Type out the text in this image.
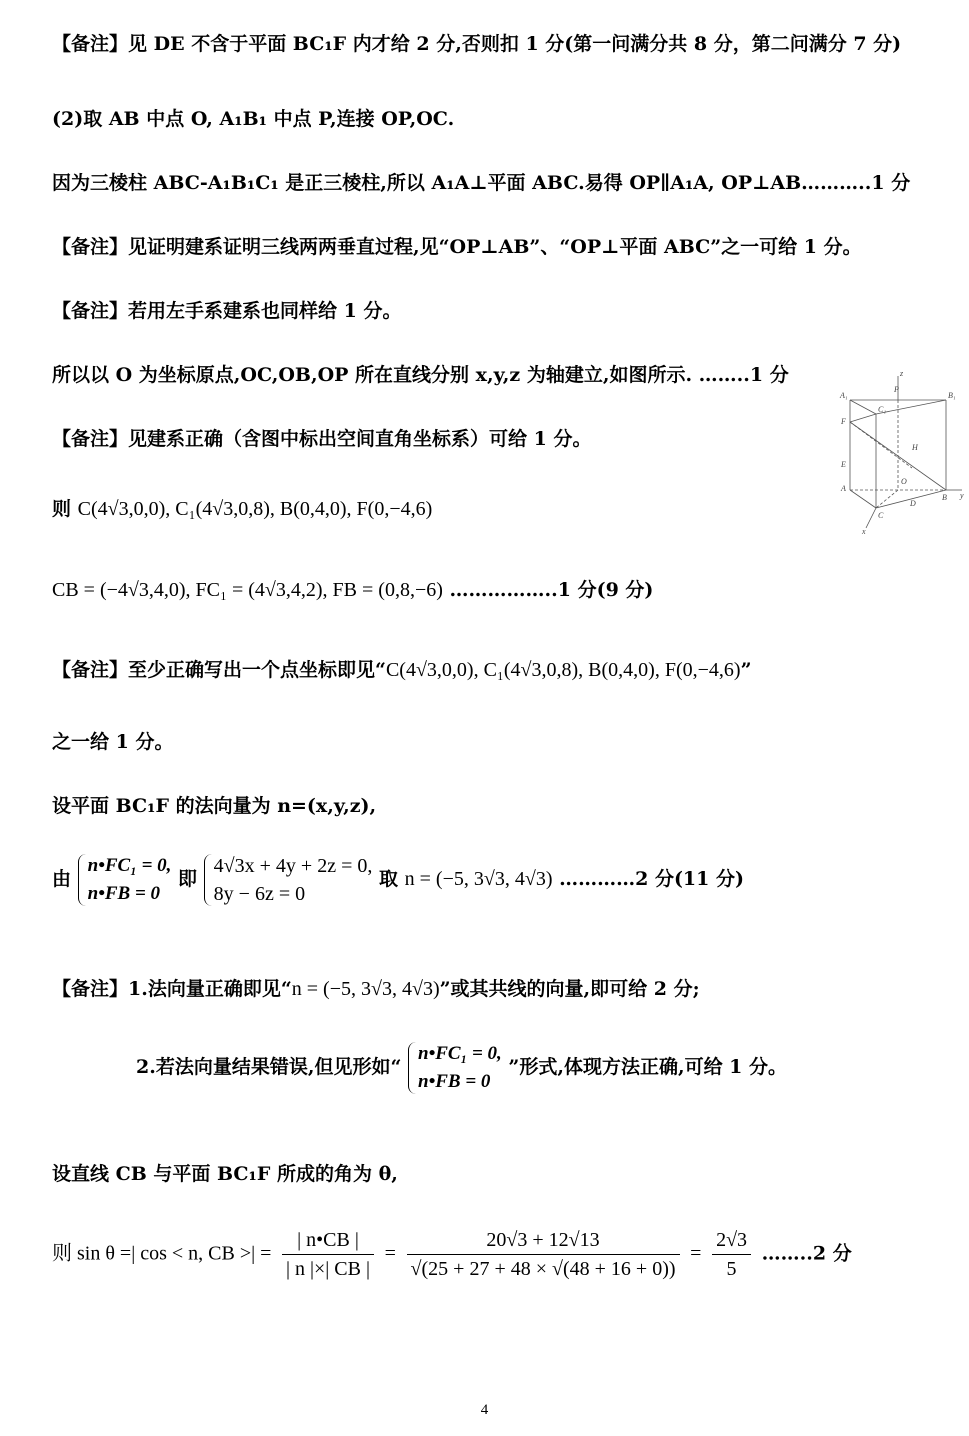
【备注】见 DE 不含于平面 BC₁F 内才给 2 分,否则扣 1 分(第一问满分共 8 分，第二问满分 7 分)
(2)取 AB 中点 O, A₁B₁ 中点 P,连接 OP,OC.
因为三棱柱 ABC-A₁B₁C₁ 是正三棱柱,所以 A₁A⊥平面 ABC.易得 OP∥A₁A, OP⊥AB………..1 分
【备注】见证明建系证明三线两两垂直过程,见“OP⊥AB”、“OP⊥平面 ABC”之一可给 1 分。
【备注】若用左手系建系也同样给 1 分。
所以以 O 为坐标原点,OC,OB,OP 所在直线分别 x,y,z 为轴建立,如图所示. ……..1 分
【备注】见建系正确（含图中标出空间直角坐标系）可给 1 分。
则 C(4√3,0,0), C₁(4√3,0,8), B(0,4,0), F(0,−4,6)
CB = (−4√3,4,0), FC₁ = (4√3,4,2), FB = (0,8,−6) ……………..1 分(9 分)
【备注】至少正确写出一个点坐标即见“C(4√3,0,0), C₁(4√3,0,8), B(0,4,0), F(0,−4,6)”
之一给 1 分。
设平面 BC₁F 的法向量为 n=(x,y,z),
由
n•FC₁ = 0,
n•FB = 0
即
4√3x + 4y + 2z = 0,
8y − 6z = 0
取 n = (−5, 3√3, 4√3) …………2 分(11 分)
【备注】1.法向量正确即见“n = (−5, 3√3, 4√3)”或其共线的向量,即可给 2 分;
2.若法向量结果错误,但见形如“
n•FC₁ = 0,
n•FB = 0
”形式,体现方法正确,可给 1 分。
设直线 CB 与平面 BC₁F 所成的角为 θ,
则 sin θ =| cos < n, CB >| = $\frac{| n•CB |}{| n |\times| CB |} = \frac{20√3 + 12√13}{√(25 + 27 + 48 \times √(48 + 16 + 0))} = \frac{2√3}{5}$ ……..2 分
A₁	B₁
C₁
P
z
F
H
E
A
O
B y
D
C
x
4
